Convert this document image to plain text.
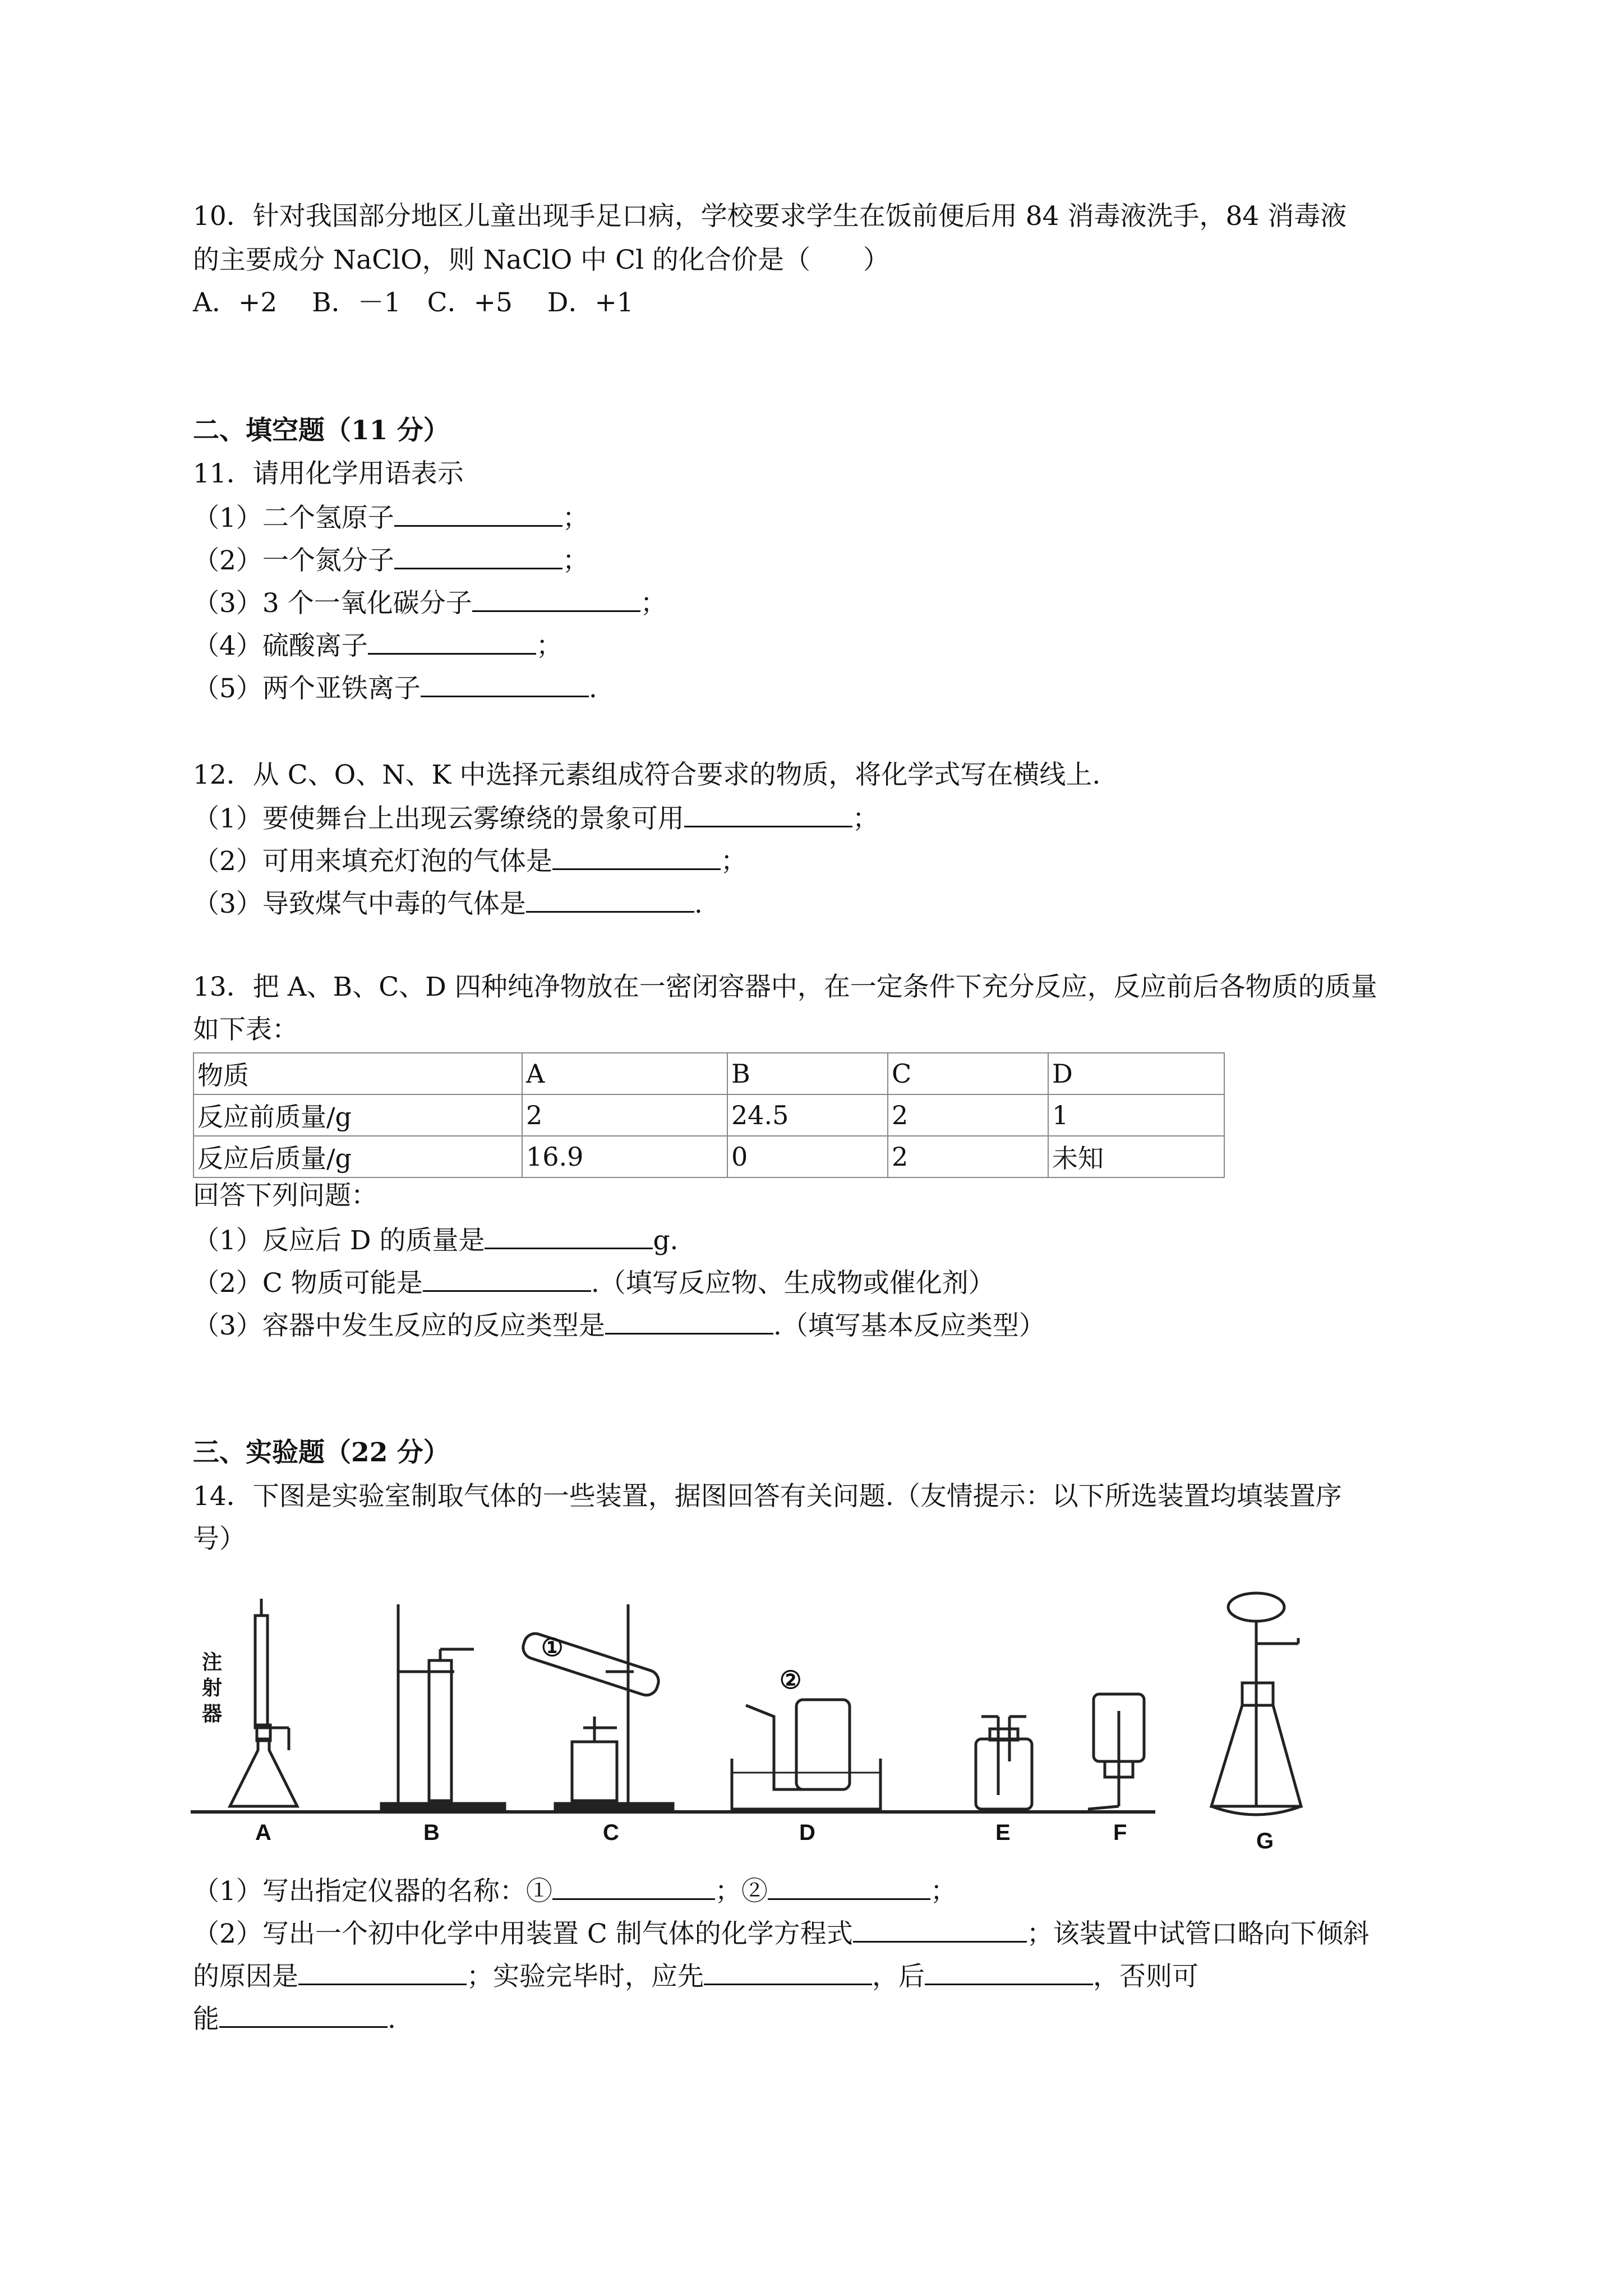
10．针对我国部分地区儿童出现手足口病，学校要求学生在饭前便后用 84 消毒液洗手，84 消毒液
的主要成分 NaClO，则 NaClO 中 Cl 的化合价是（　　）
A．+2　 B．－1　C．+5　 D．+1
二、填空题（11 分）
11．请用化学用语表示
（1）二个氢原子	；
（2）一个氮分子	；
（3）3 个一氧化碳分子	；
（4）硫酸离子	；
（5）两个亚铁离子	.
12．从 C、O、N、K 中选择元素组成符合要求的物质，将化学式写在横线上.
（1）要使舞台上出现云雾缭绕的景象可用	；
（2）可用来填充灯泡的气体是	；
（3）导致煤气中毒的气体是	.
13．把 A、B、C、D 四种纯净物放在一密闭容器中，在一定条件下充分反应，反应前后各物质的质量
如下表：
物质	A	B	C	D
反应前质量/g	2	24.5	2	1
反应后质量/g	16.9	0	2	未知
回答下列问题：
（1）反应后 D 的质量是	g.
（2）C 物质可能是	.（填写反应物、生成物或催化剂）
（3）容器中发生反应的反应类型是	.（填写基本反应类型）
三、实验题（22 分）
14．下图是实验室制取气体的一些装置，据图回答有关问题.（友情提示：以下所选装置均填装置序
号）
注射器
①
②
A	B	C	D	E	F	G
（1）写出指定仪器的名称：①	；②	；
（2）写出一个初中化学中用装置 C 制气体的化学方程式	；该装置中试管口略向下倾斜
的原因是	；实验完毕时，应先	，后	，否则可
能	.
